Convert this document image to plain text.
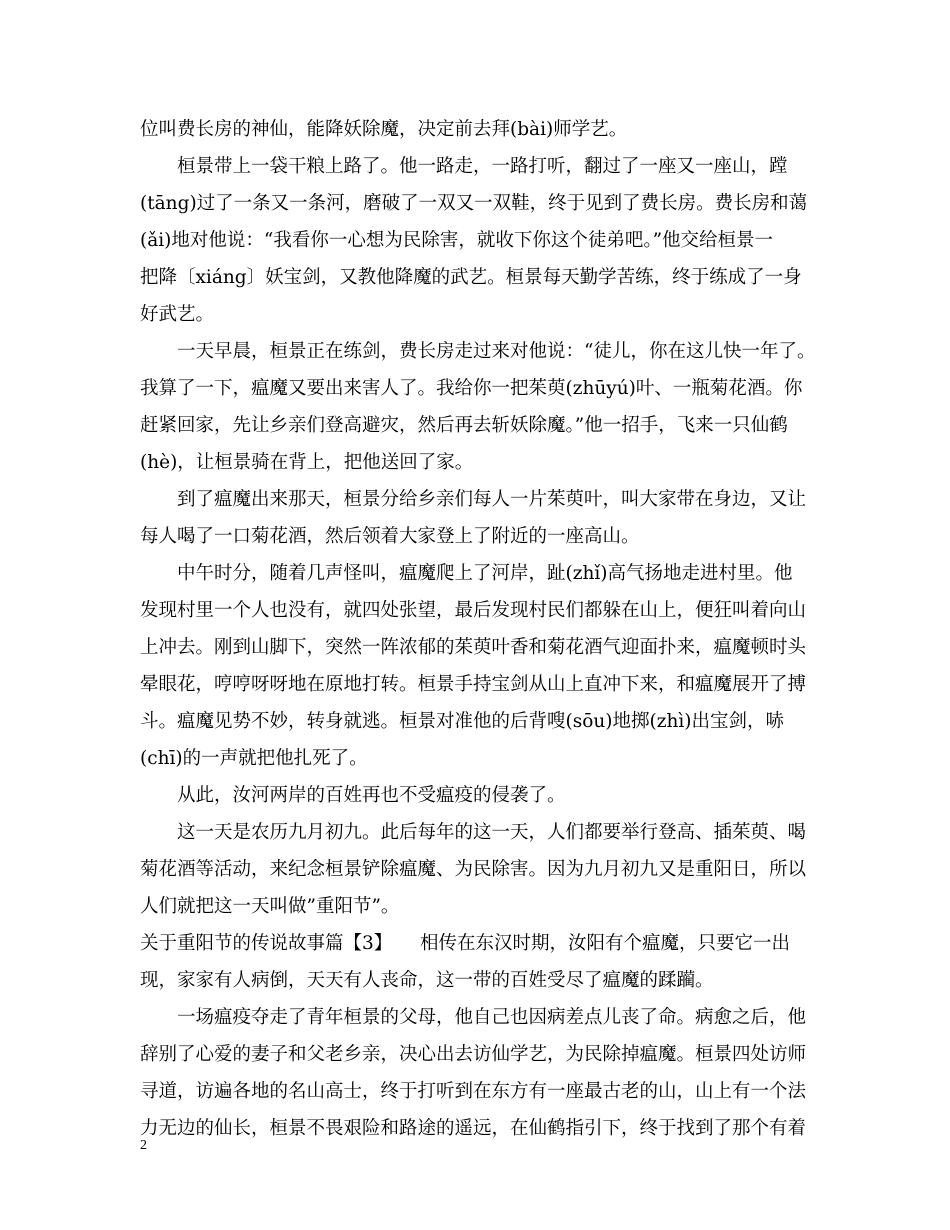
位叫费长房的神仙，能降妖除魔，决定前去拜(bài)师学艺。
　　桓景带上一袋干粮上路了。他一路走，一路打听，翻过了一座又一座山，蹚
(tāng)过了一条又一条河，磨破了一双又一双鞋，终于见到了费长房。费长房和蔼
(ǎi)地对他说：“我看你一心想为民除害，就收下你这个徒弟吧。”他交给桓景一
把降〔xiáng〕妖宝剑，又教他降魔的武艺。桓景每天勤学苦练，终于练成了一身
好武艺。
　　一天早晨，桓景正在练剑，费长房走过来对他说：“徒儿，你在这儿快一年了。
我算了一下，瘟魔又要出来害人了。我给你一把茱萸(zhūyú)叶、一瓶菊花酒。你
赶紧回家，先让乡亲们登高避灾，然后再去斩妖除魔。”他一招手，飞来一只仙鹤
(hè)，让桓景骑在背上，把他送回了家。
　　到了瘟魔出来那天，桓景分给乡亲们每人一片茱萸叶，叫大家带在身边，又让
每人喝了一口菊花酒，然后领着大家登上了附近的一座高山。
　　中午时分，随着几声怪叫，瘟魔爬上了河岸，趾(zhǐ)高气扬地走进村里。他
发现村里一个人也没有，就四处张望，最后发现村民们都躲在山上，便狂叫着向山
上冲去。刚到山脚下，突然一阵浓郁的茱萸叶香和菊花酒气迎面扑来，瘟魔顿时头
晕眼花，哼哼呀呀地在原地打转。桓景手持宝剑从山上直冲下来，和瘟魔展开了搏
斗。瘟魔见势不妙，转身就逃。桓景对准他的后背嗖(sōu)地掷(zhì)出宝剑，哧
(chī)的一声就把他扎死了。
　　从此，汝河两岸的百姓再也不受瘟疫的侵袭了。
　　这一天是农历九月初九。此后每年的这一天，人们都要举行登高、插茱萸、喝
菊花酒等活动，来纪念桓景铲除瘟魔、为民除害。因为九月初九又是重阳日，所以
人们就把这一天叫做”重阳节”。
关于重阳节的传说故事篇【3】　　相传在东汉时期，汝阳有个瘟魔，只要它一出
现，家家有人病倒，天天有人丧命，这一带的百姓受尽了瘟魔的蹂躏。
　　一场瘟疫夺走了青年桓景的父母，他自己也因病差点儿丧了命。病愈之后，他
辞别了心爱的妻子和父老乡亲，决心出去访仙学艺，为民除掉瘟魔。桓景四处访师
寻道，访遍各地的名山高士，终于打听到在东方有一座最古老的山，山上有一个法
力无边的仙长，桓景不畏艰险和路途的遥远，在仙鹤指引下，终于找到了那个有着
2
